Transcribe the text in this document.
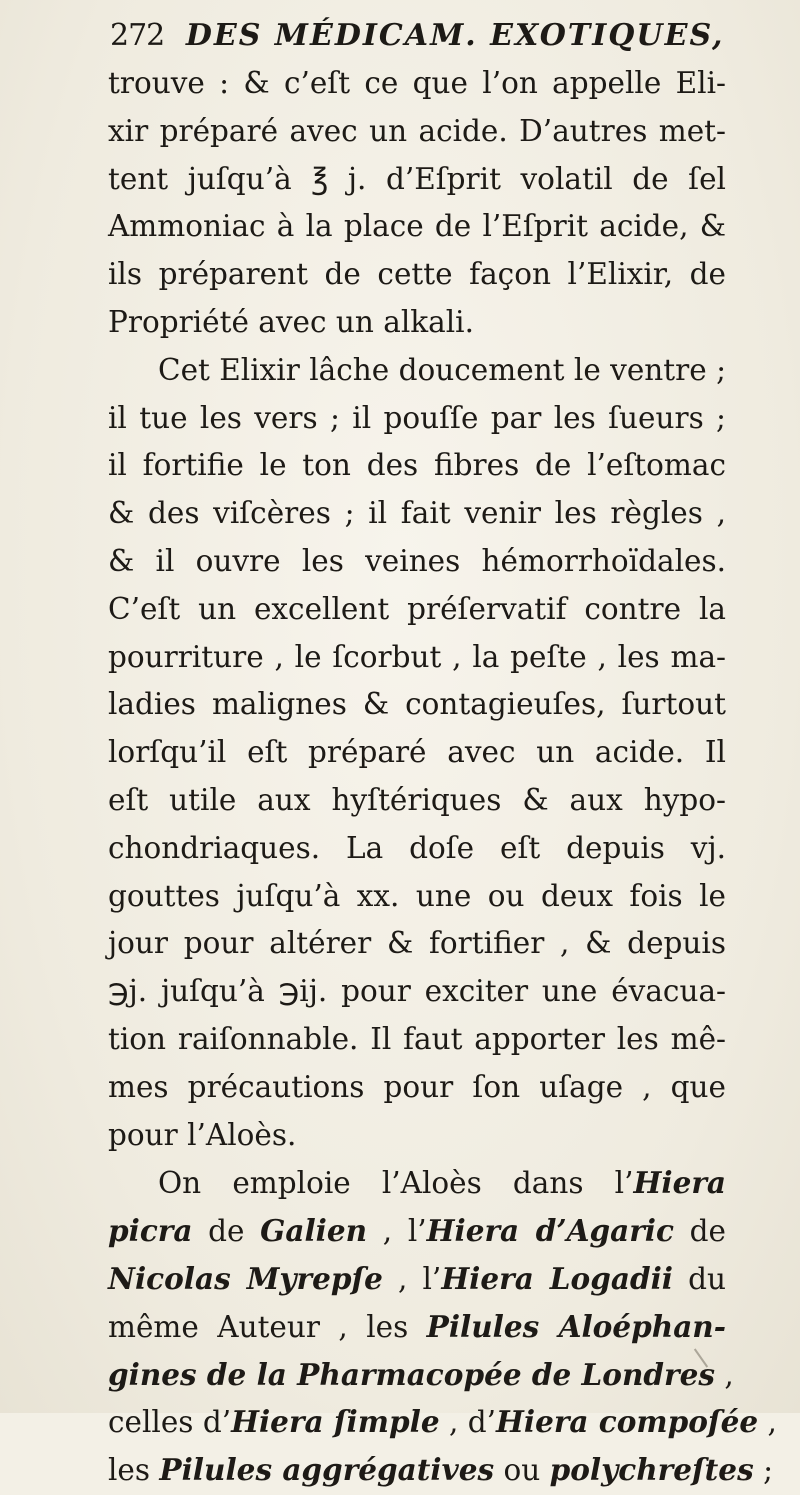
272 DES MÉDICAM. EXOTIQUES,
trouve : & c’eſt ce que l’on appelle Eli-
xir préparé avec un acide. D’autres met-
tent juſqu’à ℥ j. d’Eſprit volatil de ſel
Ammoniac à la place de l’Eſprit acide, &
ils préparent de cette façon l’Elixir, de
Propriété avec un alkali.
Cet Elixir lâche doucement le ventre ;
il tue les vers ; il pouſſe par les ſueurs ;
il fortifie le ton des fibres de l’eſtomac
& des viſcères ; il fait venir les règles ,
& il ouvre les veines hémorrhoïdales.
C’eſt un excellent préſervatif contre la
pourriture , le ſcorbut , la peſte , les ma-
ladies malignes & contagieuſes, ſurtout
lorſqu’il eſt préparé avec un acide. Il
eſt utile aux hyſtériques & aux hypo-
chondriaques. La doſe eſt depuis vj.
gouttes juſqu’à xx. une ou deux fois le
jour pour altérer & fortifier , & depuis
℈j. juſqu’à ℈ij. pour exciter une évacua-
tion raiſonnable. Il faut apporter les mê-
mes précautions pour ſon uſage , que
pour l’Aloès.
On emploie l’Aloès dans l’Hiera
picra de Galien , l’Hiera d’Agaric de
Nicolas Myrepſe , l’Hiera Logadii du
même Auteur , les Pilules Aloéphan-
gines de la Pharmacopée de Londres ,
celles d’Hiera ſimple , d’Hiera compoſée ,
les Pilules aggrégatives ou polychreſtes ;
